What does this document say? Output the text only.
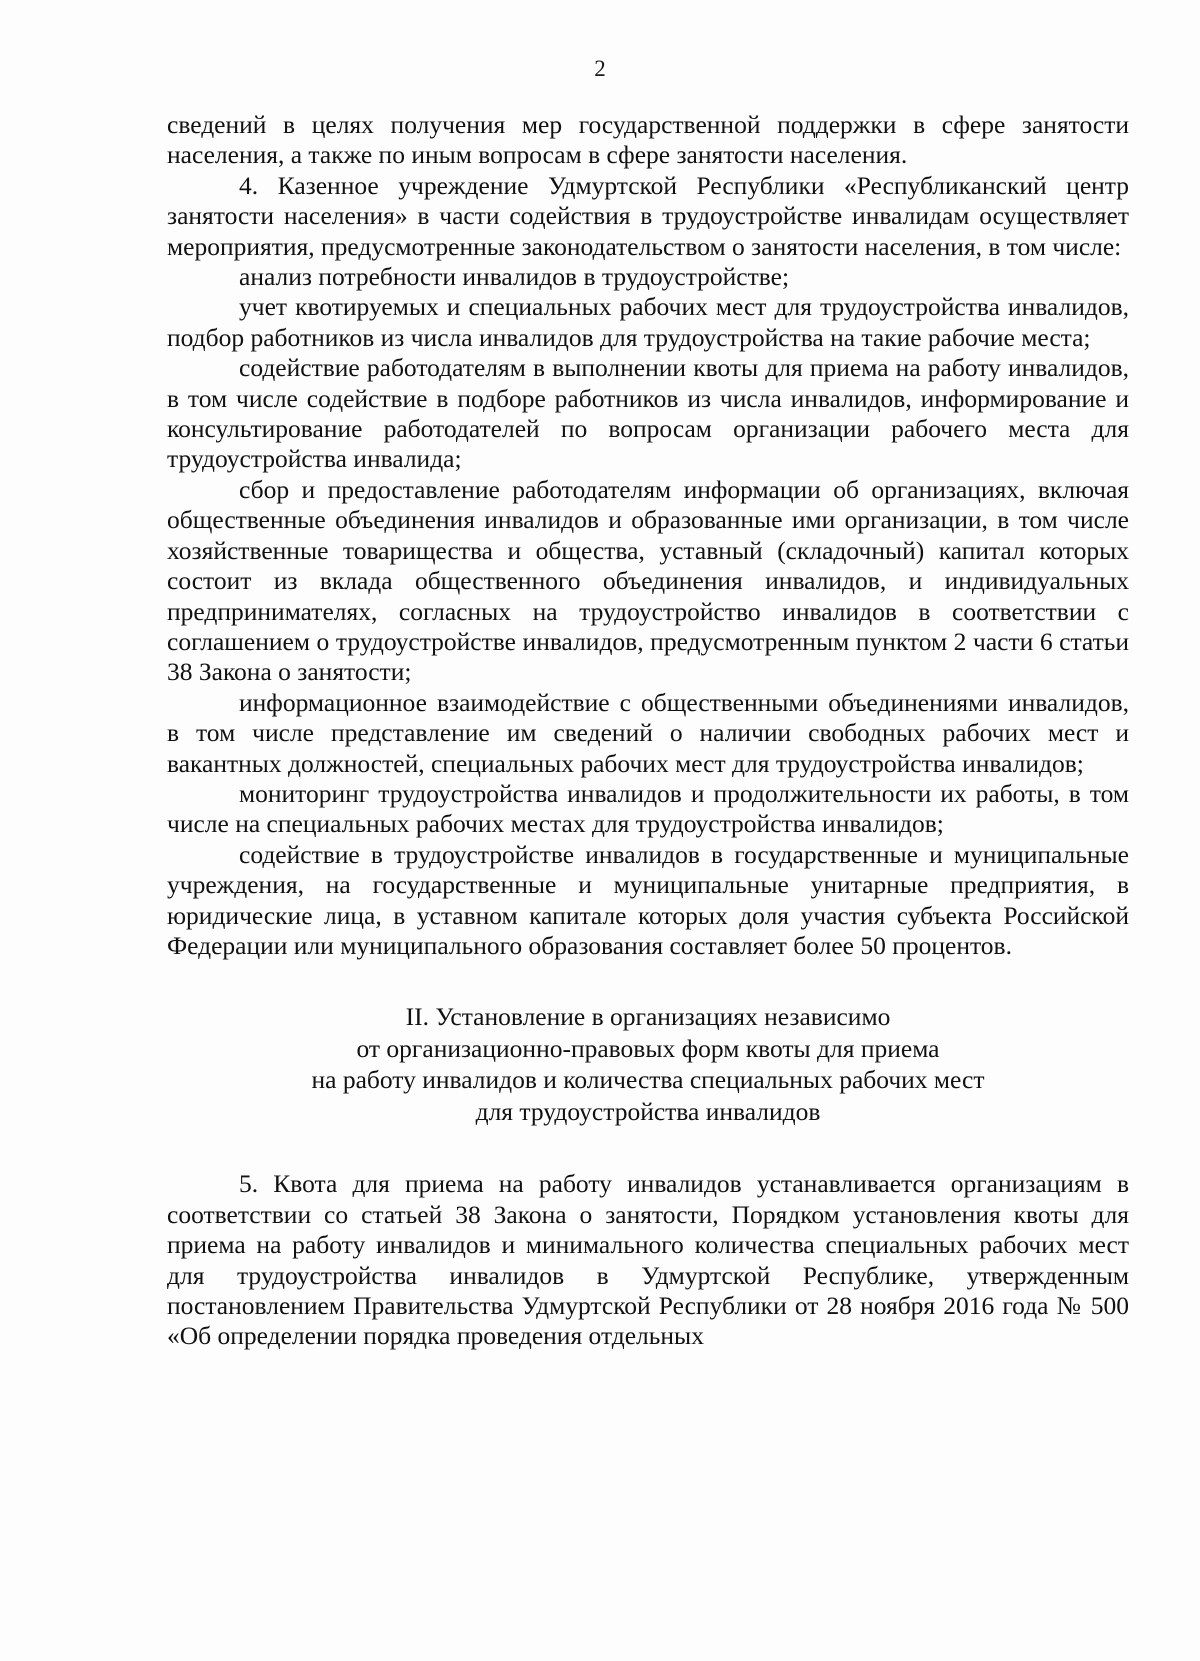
2

сведений в целях получения мер государственной поддержки в сфере занятости населения, а также по иным вопросам в сфере занятости населения.

4. Казенное учреждение Удмуртской Республики «Республиканский центр занятости населения» в части содействия в трудоустройстве инвалидам осуществляет мероприятия, предусмотренные законодательством о занятости населения, в том числе:

анализ потребности инвалидов в трудоустройстве;

учет квотируемых и специальных рабочих мест для трудоустройства инвалидов, подбор работников из числа инвалидов для трудоустройства на такие рабочие места;

содействие работодателям в выполнении квоты для приема на работу инвалидов, в том числе содействие в подборе работников из числа инвалидов, информирование и консультирование работодателей по вопросам организации рабочего места для трудоустройства инвалида;

сбор и предоставление работодателям информации об организациях, включая общественные объединения инвалидов и образованные ими организации, в том числе хозяйственные товарищества и общества, уставный (складочный) капитал которых состоит из вклада общественного объединения инвалидов, и индивидуальных предпринимателях, согласных на трудоустройство инвалидов в соответствии с соглашением о трудоустройстве инвалидов, предусмотренным пунктом 2 части 6 статьи 38 Закона о занятости;

информационное взаимодействие с общественными объединениями инвалидов, в том числе представление им сведений о наличии свободных рабочих мест и вакантных должностей, специальных рабочих мест для трудоустройства инвалидов;

мониторинг трудоустройства инвалидов и продолжительности их работы, в том числе на специальных рабочих местах для трудоустройства инвалидов;

содействие в трудоустройстве инвалидов в государственные и муниципальные учреждения, на государственные и муниципальные унитарные предприятия, в юридические лица, в уставном капитале которых доля участия субъекта Российской Федерации или муниципального образования составляет более 50 процентов.

II. Установление в организациях независимо
от организационно-правовых форм квоты для приема
на работу инвалидов и количества специальных рабочих мест
для трудоустройства инвалидов

5. Квота для приема на работу инвалидов устанавливается организациям в соответствии со статьей 38 Закона о занятости, Порядком установления квоты для приема на работу инвалидов и минимального количества специальных рабочих мест для трудоустройства инвалидов в Удмуртской Республике, утвержденным постановлением Правительства Удмуртской Республики от 28 ноября 2016 года № 500 «Об определении порядка проведения отдельных
